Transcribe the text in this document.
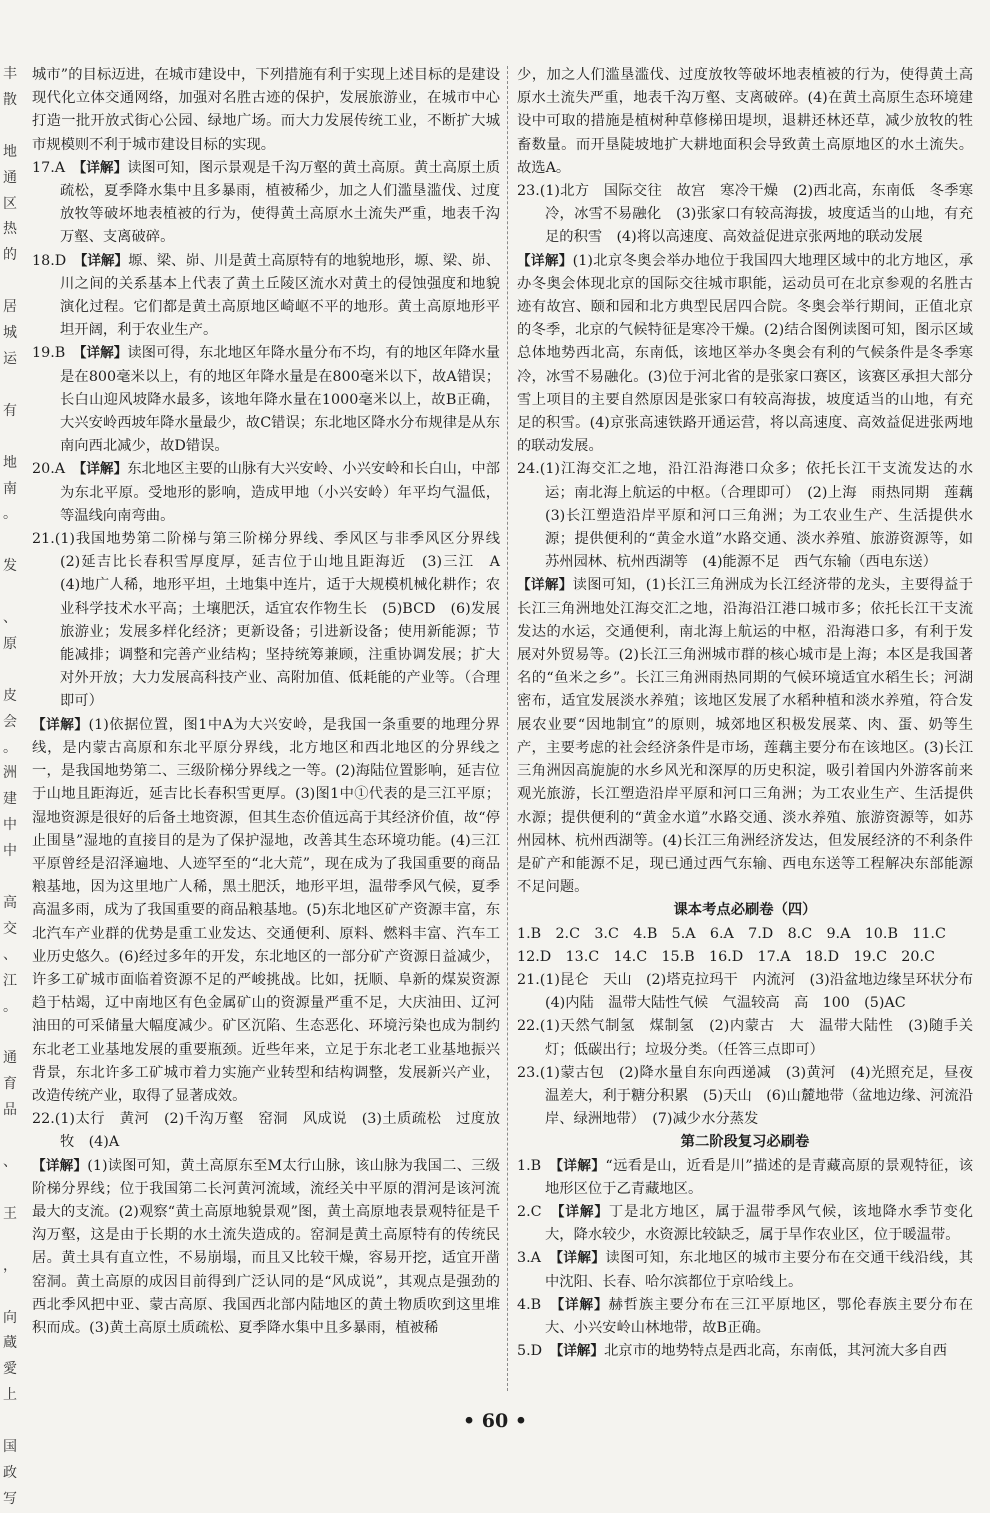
丰
散

地
通
区
热
的

居
城
运

有

地
南
。

发

、
原

皮
会
。
洲
建
中
中

高
交
、
江
。

通
育
品

、

王

，

向
蔵
愛
上

国
政
写

城市”的目标迈进，在城市建设中，下列措施有利于实现上述目标的是建设现代化立体交通网络，加强对名胜古迹的保护，发展旅游业，在城市中心打造一批开放式街心公园、绿地广场。而大力发展传统工业，不断扩大城市规模则不利于城市建设目标的实现。

17.A　【详解】读图可知，图示景观是千沟万壑的黄土高原。黄土高原土质疏松，夏季降水集中且多暴雨，植被稀少，加之人们滥垦滥伐、过度放牧等破坏地表植被的行为，使得黄土高原水土流失严重，地表千沟万壑、支离破碎。

18.D　【详解】塬、梁、峁、川是黄土高原特有的地貌地形，塬、梁、峁、川之间的关系基本上代表了黄土丘陵区流水对黄土的侵蚀强度和地貌演化过程。它们都是黄土高原地区崎岖不平的地形。黄土高原地形平坦开阔，利于农业生产。

19.B　【详解】读图可得，东北地区年降水量分布不均，有的地区年降水量是在800毫米以上，有的地区年降水量是在800毫米以下，故A错误；长白山迎风坡降水最多，该地年降水量在1000毫米以上，故B正确，大兴安岭西坡年降水量最少，故C错误；东北地区降水分布规律是从东南向西北减少，故D错误。

20.A　【详解】东北地区主要的山脉有大兴安岭、小兴安岭和长白山，中部为东北平原。受地形的影响，造成甲地（小兴安岭）年平均气温低，等温线向南弯曲。

21.(1)我国地势第二阶梯与第三阶梯分界线、季风区与非季风区分界线　(2)延吉比长春积雪厚度厚，延吉位于山地且距海近　(3)三江　A　(4)地广人稀，地形平坦，土地集中连片，适于大规模机械化耕作；农业科学技术水平高；土壤肥沃，适宜农作物生长　(5)BCD　(6)发展旅游业；发展多样化经济；更新设备；引进新设备；使用新能源；节能减排；调整和完善产业结构；坚持统筹兼顾，注重协调发展；扩大对外开放；大力发展高科技产业、高附加值、低耗能的产业等。（合理即可）

【详解】(1)依据位置，图1中A为大兴安岭，是我国一条重要的地理分界线，是内蒙古高原和东北平原分界线，北方地区和西北地区的分界线之一，是我国地势第二、三级阶梯分界线之一等。(2)海陆位置影响，延吉位于山地且距海近，延吉比长春积雪更厚。(3)图1中①代表的是三江平原；湿地资源是很好的后备土地资源，但其生态价值远高于其经济价值，故“停止围垦”湿地的直接目的是为了保护湿地，改善其生态环境功能。(4)三江平原曾经是沼泽遍地、人迹罕至的“北大荒”，现在成为了我国重要的商品粮基地，因为这里地广人稀，黑土肥沃，地形平坦，温带季风气候，夏季高温多雨，成为了我国重要的商品粮基地。(5)东北地区矿产资源丰富，东北汽车产业群的优势是重工业发达、交通便利、原料、燃料丰富、汽车工业历史悠久。(6)经过多年的开发，东北地区的一部分矿产资源日益减少，许多工矿城市面临着资源不足的严峻挑战。比如，抚顺、阜新的煤炭资源趋于枯竭，辽中南地区有色金属矿山的资源量严重不足，大庆油田、辽河油田的可采储量大幅度减少。矿区沉陷、生态恶化、环境污染也成为制约东北老工业基地发展的重要瓶颈。近些年来，立足于东北老工业基地振兴背景，东北许多工矿城市着力实施产业转型和结构调整，发展新兴产业，改造传统产业，取得了显著成效。

22.(1)太行　黄河　(2)千沟万壑　窑洞　风成说　(3)土质疏松　过度放牧　(4)A

【详解】(1)读图可知，黄土高原东至M太行山脉，该山脉为我国二、三级阶梯分界线；位于我国第二长河黄河流域，流经关中平原的渭河是该河流最大的支流。(2)观察“黄土高原地貌景观”图，黄土高原地表景观特征是千沟万壑，这是由于长期的水土流失造成的。窑洞是黄土高原特有的传统民居。黄土具有直立性，不易崩塌，而且又比较干燥，容易开挖，适宜开凿窑洞。黄土高原的成因目前得到广泛认同的是“风成说”，其观点是强劲的西北季风把中亚、蒙古高原、我国西北部内陆地区的黄土物质吹到这里堆积而成。(3)黄土高原土质疏松、夏季降水集中且多暴雨，植被稀

少，加之人们滥垦滥伐、过度放牧等破坏地表植被的行为，使得黄土高原水土流失严重，地表千沟万壑、支离破碎。(4)在黄土高原生态环境建设中可取的措施是植树种草修梯田堤坝，退耕还林还草，减少放牧的牲畜数量。而开垦陡坡地扩大耕地面积会导致黄土高原地区的水土流失。故选A。

23.(1)北方　国际交往　故宫　寒冷干燥　(2)西北高，东南低　冬季寒冷，冰雪不易融化　(3)张家口有较高海拔，坡度适当的山地，有充足的积雪　(4)将以高速度、高效益促进京张两地的联动发展

【详解】(1)北京冬奥会举办地位于我国四大地理区域中的北方地区，承办冬奥会体现北京的国际交往城市职能，运动员可在北京参观的名胜古迹有故宫、颐和园和北方典型民居四合院。冬奥会举行期间，正值北京的冬季，北京的气候特征是寒冷干燥。(2)结合图例读图可知，图示区域总体地势西北高，东南低，该地区举办冬奥会有利的气候条件是冬季寒冷，冰雪不易融化。(3)位于河北省的是张家口赛区，该赛区承担大部分雪上项目的主要自然原因是张家口有较高海拔，坡度适当的山地，有充足的积雪。(4)京张高速铁路开通运营，将以高速度、高效益促进张两地的联动发展。

24.(1)江海交汇之地，沿江沿海港口众多；依托长江干支流发达的水运；南北海上航运的中枢。（合理即可）　(2)上海　雨热同期　莲藕　(3)长江塑造沿岸平原和河口三角洲；为工农业生产、生活提供水源；提供便利的“黄金水道”水路交通、淡水养殖、旅游资源等，如苏州园林、杭州西湖等　(4)能源不足　西气东输（西电东送）

【详解】读图可知，(1)长江三角洲成为长江经济带的龙头，主要得益于长江三角洲地处江海交汇之地，沿海沿江港口城市多；依托长江干支流发达的水运，交通便利，南北海上航运的中枢，沿海港口多，有利于发展对外贸易等。(2)长江三角洲城市群的核心城市是上海；本区是我国著名的“鱼米之乡”。长江三角洲雨热同期的气候环境适宜水稻生长；河湖密布，适宜发展淡水养殖；该地区发展了水稻种植和淡水养殖，符合发展农业要“因地制宜”的原则，城郊地区积极发展菜、肉、蛋、奶等生产，主要考虑的社会经济条件是市场，莲藕主要分布在该地区。(3)长江三角洲因高旎旎的水乡风光和深厚的历史积淀，吸引着国内外游客前来观光旅游，长江塑造沿岸平原和河口三角洲；为工农业生产、生活提供水源；提供便利的“黄金水道”水路交通、淡水养殖、旅游资源等，如苏州园林、杭州西湖等。(4)长江三角洲经济发达，但发展经济的不利条件是矿产和能源不足，现已通过西气东输、西电东送等工程解决东部能源不足问题。

课本考点必刷卷（四）

1.B　2.C　3.C　4.B　5.A　6.A　7.D　8.C　9.A　10.B　11.C

12.D　13.C　14.C　15.B　16.D　17.A　18.D　19.C　20.C

21.(1)昆仑　天山　(2)塔克拉玛干　内流河　(3)沿盆地边缘呈环状分布　(4)内陆　温带大陆性气候　气温较高　高　100　(5)AC

22.(1)天然气制氢　煤制氢　(2)内蒙古　大　温带大陆性　(3)随手关灯；低碳出行；垃圾分类。（任答三点即可）

23.(1)蒙古包　(2)降水量自东向西递减　(3)黄河　(4)光照充足，昼夜温差大，利于糖分积累　(5)天山　(6)山麓地带（盆地边缘、河流沿岸、绿洲地带）　(7)减少水分蒸发

第二阶段复习必刷卷

1.B　【详解】“远看是山，近看是川”描述的是青藏高原的景观特征，该地形区位于乙青藏地区。

2.C　【详解】丁是北方地区，属于温带季风气候，该地降水季节变化大，降水较少，水资源比较缺乏，属于旱作农业区，位于暖温带。

3.A　【详解】读图可知，东北地区的城市主要分布在交通干线沿线，其中沈阳、长春、哈尔滨都位于京哈线上。

4.B　【详解】赫哲族主要分布在三江平原地区，鄂伦春族主要分布在大、小兴安岭山林地带，故B正确。

5.D　【详解】北京市的地势特点是西北高，东南低，其河流大多自西

• 60 •
